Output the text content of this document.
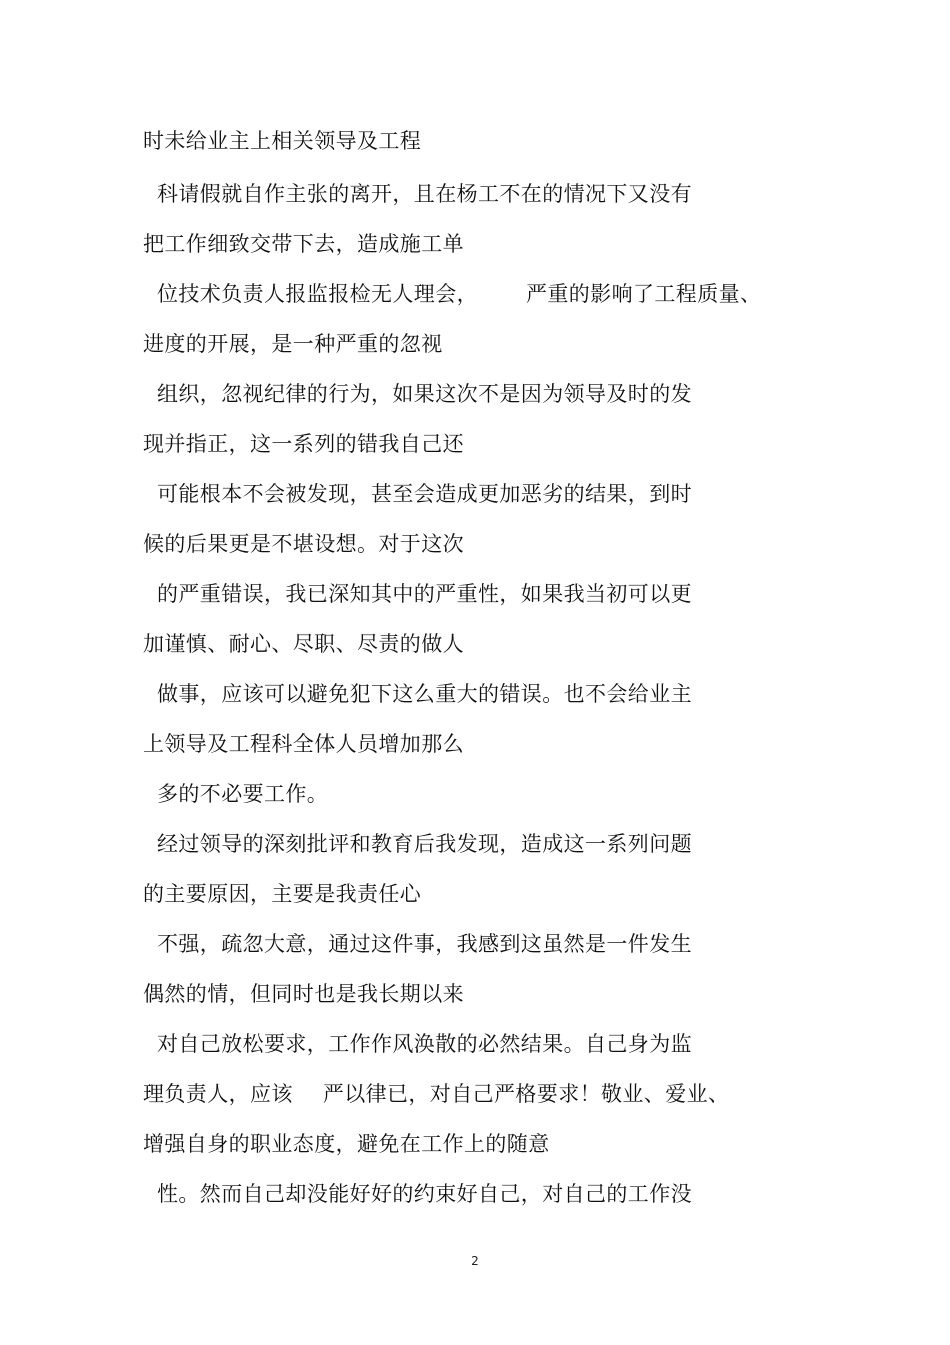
时未给业主上相关领导及工程
科请假就自作主张的离开，且在杨工不在的情况下又没有
把工作细致交带下去，造成施工单
位技术负责人报监报检无人理会， 严重的影响了工程质量、
进度的开展，是一种严重的忽视
组织，忽视纪律的行为，如果这次不是因为领导及时的发
现并指正，这一系列的错我自己还
可能根本不会被发现，甚至会造成更加恶劣的结果，到时
候的后果更是不堪设想。对于这次
的严重错误，我已深知其中的严重性，如果我当初可以更
加谨慎、耐心、尽职、尽责的做人
做事，应该可以避免犯下这么重大的错误。也不会给业主
上领导及工程科全体人员增加那么
多的不必要工作。
经过领导的深刻批评和教育后我发现，造成这一系列问题
的主要原因，主要是我责任心
不强，疏忽大意，通过这件事，我感到这虽然是一件发生
偶然的情，但同时也是我长期以来
对自己放松要求，工作作风涣散的必然结果。自己身为监
理负责人，应该 严以律已，对自己严格要求！敬业、爱业、
增强自身的职业态度，避免在工作上的随意
性。然而自己却没能好好的约束好自己，对自己的工作没
2
